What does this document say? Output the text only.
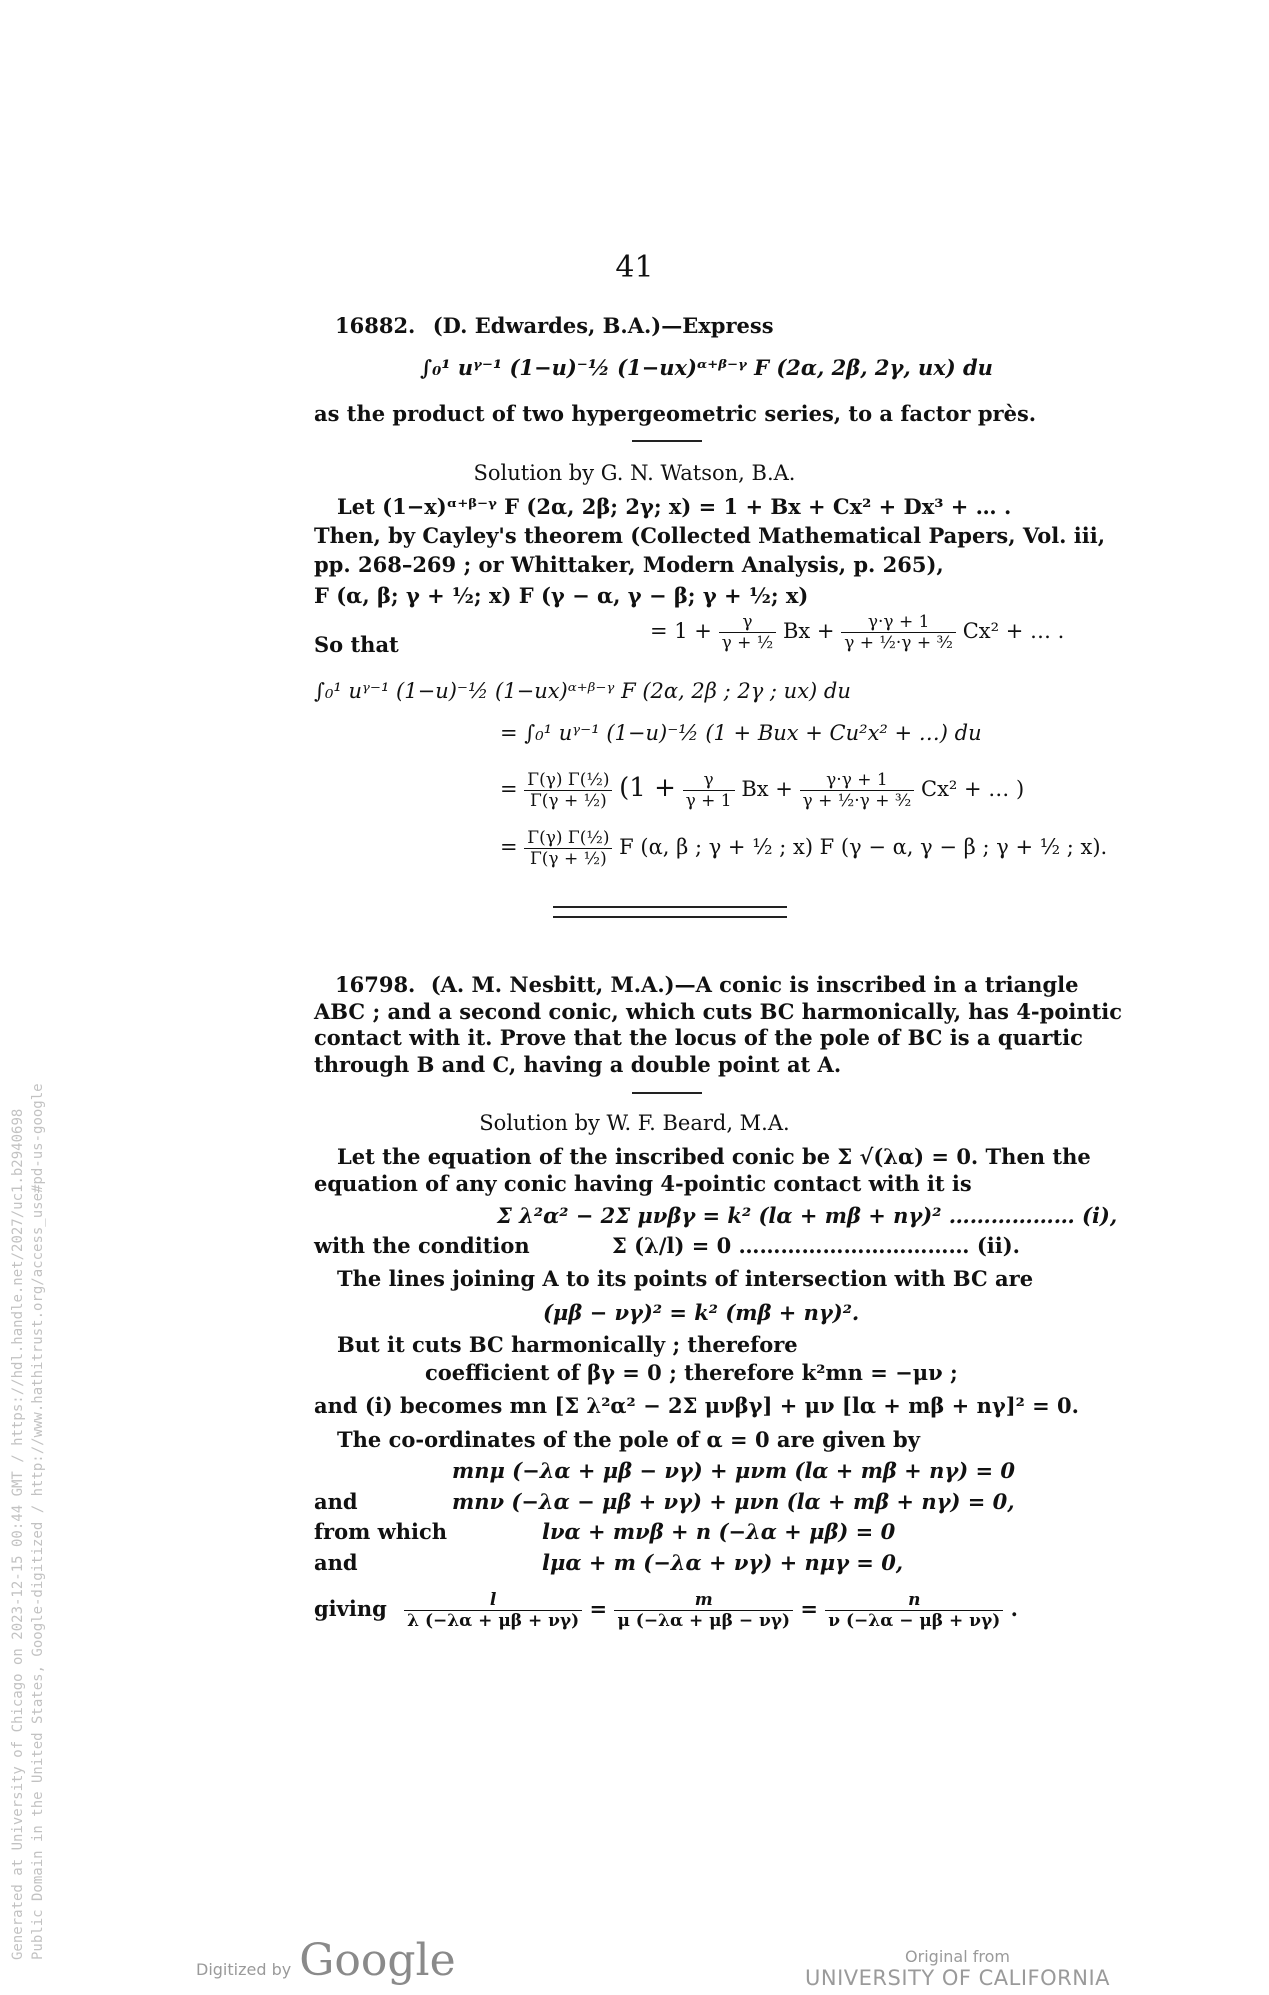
41
16882. (D. Edwardes, B.A.)—Express
∫₀¹ uᵞ⁻¹ (1−u)⁻½ (1−ux)ᵅ⁺ᵝ⁻ᵞ F (2α, 2β, 2γ, ux) du
as the product of two hypergeometric series, to a factor près.
Solution by G. N. Watson, B.A.
Let (1−x)ᵅ⁺ᵝ⁻ᵞ F (2α, 2β; 2γ; x) = 1 + Bx + Cx² + Dx³ + … .
Then, by Cayley's theorem (Collected Mathematical Papers, Vol. iii,
pp. 268–269 ; or Whittaker, Modern Analysis, p. 265),
F (α, β; γ + ½; x) F (γ − α, γ − β; γ + ½; x)
So that
= $1 + \frac{\gamma}{\text{γ + ½}}$ $Bx + \frac{\gamma\cdot\gamma + 1}{\text{γ + ½·γ + ³⁄₂}} Cx^2$ + … .
∫₀¹ uᵞ⁻¹ (1−u)⁻½ (1−ux)ᵅ⁺ᵝ⁻ᵞ F (2α, 2β ; 2γ ; ux) du
= ∫₀¹ uᵞ⁻¹ (1−u)⁻½ (1 + Bux + Cu²x² + …) du
= $\frac{\text{Γ(γ) Γ(½)}}{\text{Γ(γ + ½)}} (1 + \frac{\gamma}{\gamma + 1}$ $Bx + \frac{\gamma\cdot\gamma + 1}{\text{γ + ½·γ + ³⁄₂}} Cx^2$ + … )
= $\frac{\text{Γ(γ) Γ(½)}}{\text{Γ(γ + ½)}}$ F (α, β ; γ + ½ ; x) F (γ − α, γ − β ; γ + ½ ; x).
16798. (A. M. Nesbitt, M.A.)—A conic is inscribed in a triangle
ABC ; and a second conic, which cuts BC harmonically, has 4-pointic
contact with it. Prove that the locus of the pole of BC is a quartic
through B and C, having a double point at A.
Solution by W. F. Beard, M.A.
Let the equation of the inscribed conic be Σ √(λα) = 0. Then the
equation of any conic having 4-pointic contact with it is
Σ λ²α² − 2Σ μνβγ = k² (lα + mβ + nγ)² ……………… (i),
with the condition	Σ (λ/l) = 0 …………………………… (ii).
The lines joining A to its points of intersection with BC are
(μβ − νγ)² = k² (mβ + nγ)².
But it cuts BC harmonically ; therefore
coefficient of βγ = 0 ; therefore k²mn = −μν ;
and (i) becomes mn [Σ λ²α² − 2Σ μνβγ] + μν [lα + mβ + nγ]² = 0.
The co-ordinates of the pole of α = 0 are given by
mnμ (−λα + μβ − νγ) + μνm (lα + mβ + nγ) = 0
and	mnν (−λα − μβ + νγ) + μνn (lα + mβ + nγ) = 0,
from which	lνα + mνβ + n (−λα + μβ) = 0
and	lμα + m (−λα + νγ) + nμγ = 0,
giving $\frac{l}{\lambda (-\lambda\alpha + \mu\beta + \nu\gamma)} = \frac{m}{\mu (-\lambda\alpha + \mu\beta - \nu\gamma)} = \frac{n}{\nu (-\lambda\alpha - \mu\beta + \nu\gamma)}$ .
Generated at University of Chicago on 2023-12-15 00:44 GMT / https://hdl.handle.net/2027/uc1.b2940698 Public Domain in the United States, Google-digitized / http://www.hathitrust.org/access_use#pd-us-google
Digitized by Google	Original from
UNIVERSITY OF CALIFORNIA
